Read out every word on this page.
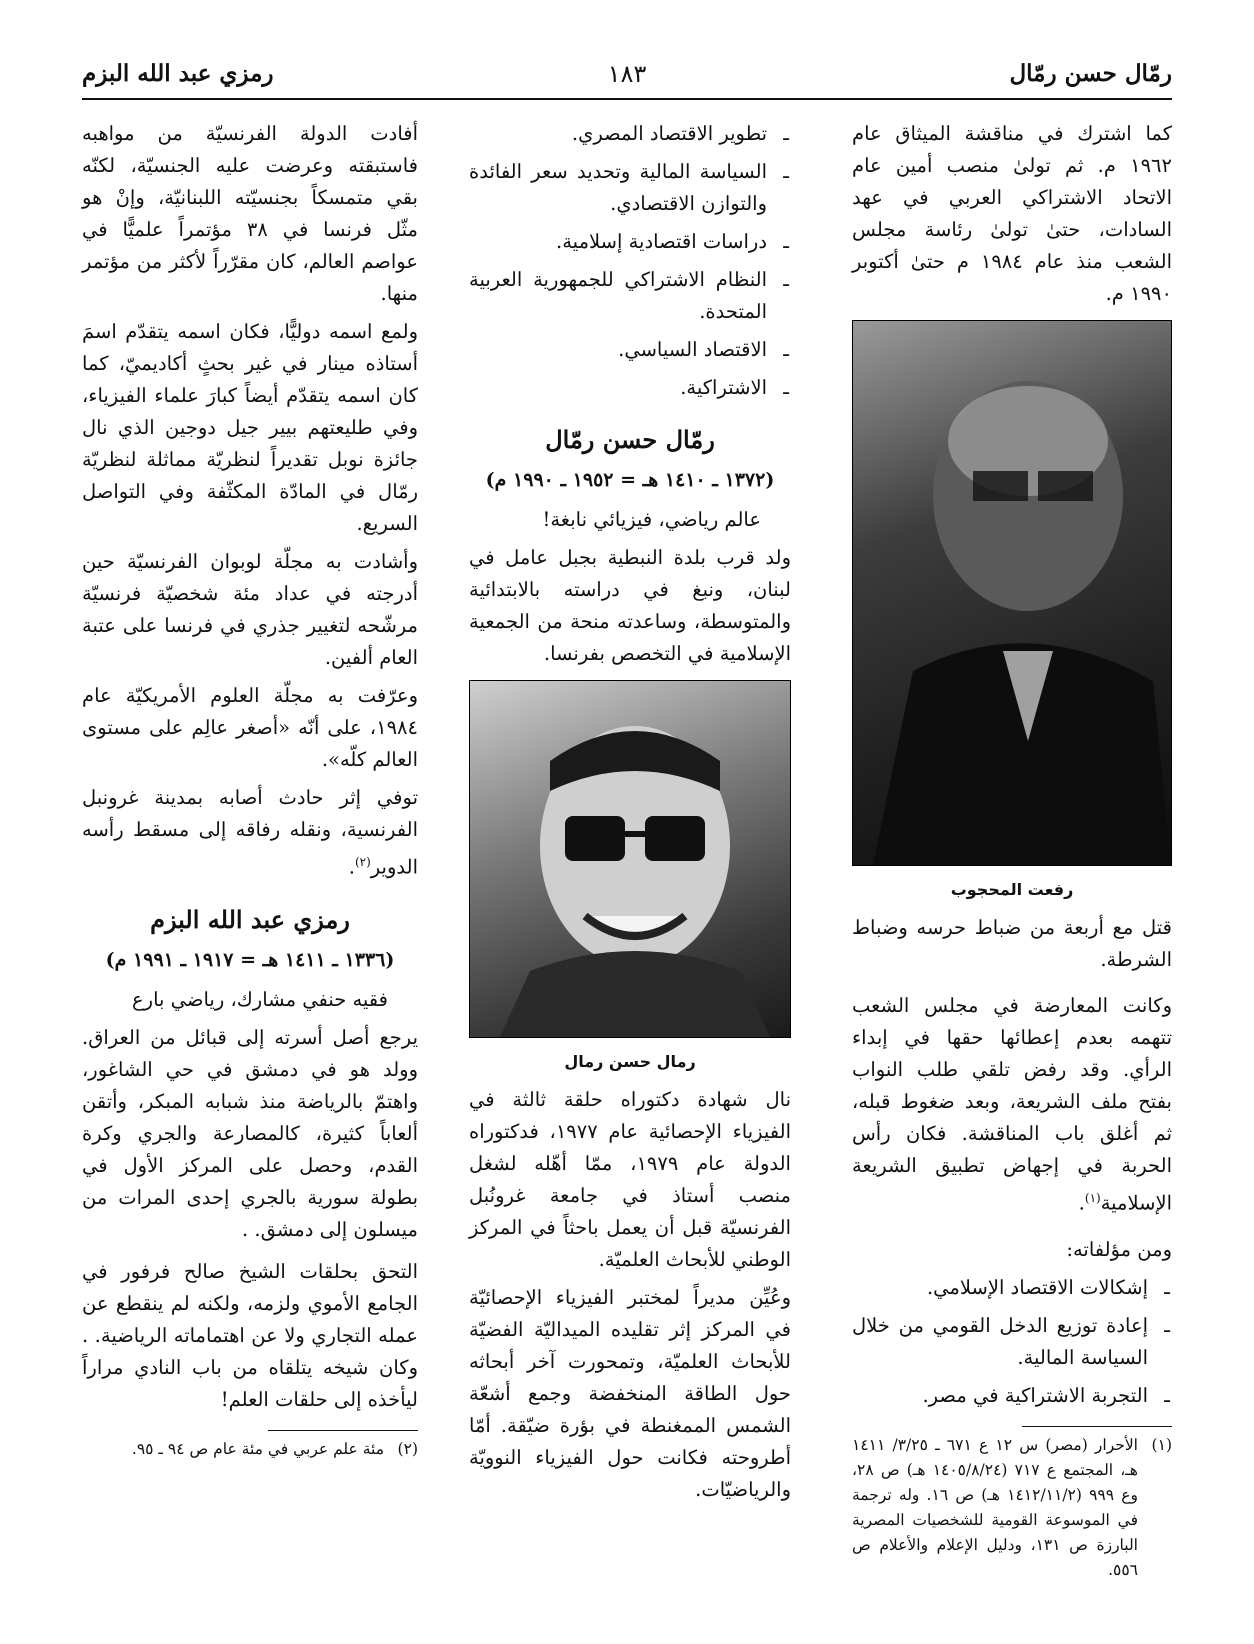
رمّال حسن رمّال
١٨٣
رمزي عبد الله البزم

كما اشترك في مناقشة الميثاق عام ١٩٦٢ م. ثم تولىٰ منصب أمين عام الاتحاد الاشتراكي العربي في عهد السادات، حتىٰ تولىٰ رئاسة مجلس الشعب منذ عام ١٩٨٤ م حتىٰ أكتوبر ١٩٩٠ م.

رفعت المحجوب

قتل مع أربعة من ضباط حرسه وضباط الشرطة.

وكانت المعارضة في مجلس الشعب تتهمه بعدم إعطائها حقها في إبداء الرأي. وقد رفض تلقي طلب النواب بفتح ملف الشريعة، وبعد ضغوط قبله، ثم أغلق باب المناقشة. فكان رأس الحربة في إجهاض تطبيق الشريعة الإسلامية$^{(١)}$.

ومن مؤلفاته:

ـ إشكالات الاقتصاد الإسلامي.
ـ إعادة توزيع الدخل القومي من خلال السياسة المالية.
ـ التجربة الاشتراكية في مصر.
(١)
الأحرار (مصر) س ١٢ ع ٦٧١ ـ ٣/٢٥/ ١٤١١ هـ، المجتمع ع ٧١٧ (١٤٠٥/٨/٢٤ هـ) ص ٢٨، وع ٩٩٩ (١٤١٢/١١/٢ هـ) ص ١٦. وله ترجمة في الموسوعة القومية للشخصيات المصرية البارزة ص ١٣١، ودليل الإعلام والأعلام ص ٥٥٦.
ـ تطوير الاقتصاد المصري.
ـ السياسة المالية وتحديد سعر الفائدة والتوازن الاقتصادي.
ـ دراسات اقتصادية إسلامية.
ـ النظام الاشتراكي للجمهورية العربية المتحدة.
ـ الاقتصاد السياسي.
ـ الاشتراكية.
رمّال حسن رمّال
(١٣٧٢ ـ ١٤١٠ هـ = ١٩٥٢ ـ ١٩٩٠ م)

عالم رياضي، فيزيائي نابغة!

ولد قرب بلدة النبطية بجبل عامل في لبنان، ونبغ في دراسته بالابتدائية والمتوسطة، وساعدته منحة من الجمعية الإسلامية في التخصص بفرنسا.

رمال حسن رمال

نال شهادة دكتوراه حلقة ثالثة في الفيزياء الإحصائية عام ١٩٧٧، فدكتوراه الدولة عام ١٩٧٩، ممّا أهّله لشغل منصب أستاذ في جامعة غرونُبل الفرنسيّة قبل أن يعمل باحثاً في المركز الوطني للأبحاث العلميّة.

وعُيِّن مديراً لمختبر الفيزياء الإحصائيّة في المركز إثر تقليده الميداليّة الفضيّة للأبحاث العلميّة، وتمحورت آخر أبحاثه حول الطاقة المنخفضة وجمع أشعّة الشمس الممغنطة في بؤرة ضيّقة. أمّا أطروحته فكانت حول الفيزياء النوويّة والرياضيّات.

أفادت الدولة الفرنسيّة من مواهبه فاستبقته وعرضت عليه الجنسيّة، لكنّه بقي متمسكاً بجنسيّته اللبنانيّة، وإنْ هو مثّل فرنسا في ٣٨ مؤتمراً علميًّا في عواصم العالم، كان مقرّراً لأكثر من مؤتمر منها.

ولمع اسمه دوليًّا، فكان اسمه يتقدّم اسمَ أستاذه مينار في غير بحثٍ أكاديميّ، كما كان اسمه يتقدّم أيضاً كبارَ علماء الفيزياء، وفي طليعتهم بيير جيل دوجين الذي نال جائزة نوبل تقديراً لنظريّة مماثلة لنظريّة رمّال في المادّة المكثّفة وفي التواصل السريع.

وأشادت به مجلّة لوبوان الفرنسيّة حين أدرجته في عداد مئة شخصيّة فرنسيّة مرشّحه لتغيير جذري في فرنسا على عتبة العام ألفين.

وعرّفت به مجلّة العلوم الأمريكيّة عام ١٩٨٤، على أنّه «أصغر عالِم على مستوى العالم كلّه».

توفي إثر حادث أصابه بمدينة غرونبل الفرنسية، ونقله رفاقه إلى مسقط رأسه الدوير$^{(٢)}$.

رمزي عبد الله البزم
(١٣٣٦ ـ ١٤١١ هـ = ١٩١٧ ـ ١٩٩١ م)

فقيه حنفي مشارك، رياضي بارع

يرجع أصل أسرته إلى قبائل من العراق. وولد هو في دمشق في حي الشاغور، واهتمّ بالرياضة منذ شبابه المبكر، وأتقن ألعاباً كثيرة، كالمصارعة والجري وكرة القدم، وحصل على المركز الأول في بطولة سورية بالجري إحدى المرات من ميسلون إلى دمشق. .

التحق بحلقات الشيخ صالح فرفور في الجامع الأموي ولزمه، ولكنه لم ينقطع عن عمله التجاري ولا عن اهتماماته الرياضية. . وكان شيخه يتلقاه من باب النادي مراراً ليأخذه إلى حلقات العلم!

(٢)
مئة علم عربي في مئة عام ص ٩٤ ـ ٩٥.
